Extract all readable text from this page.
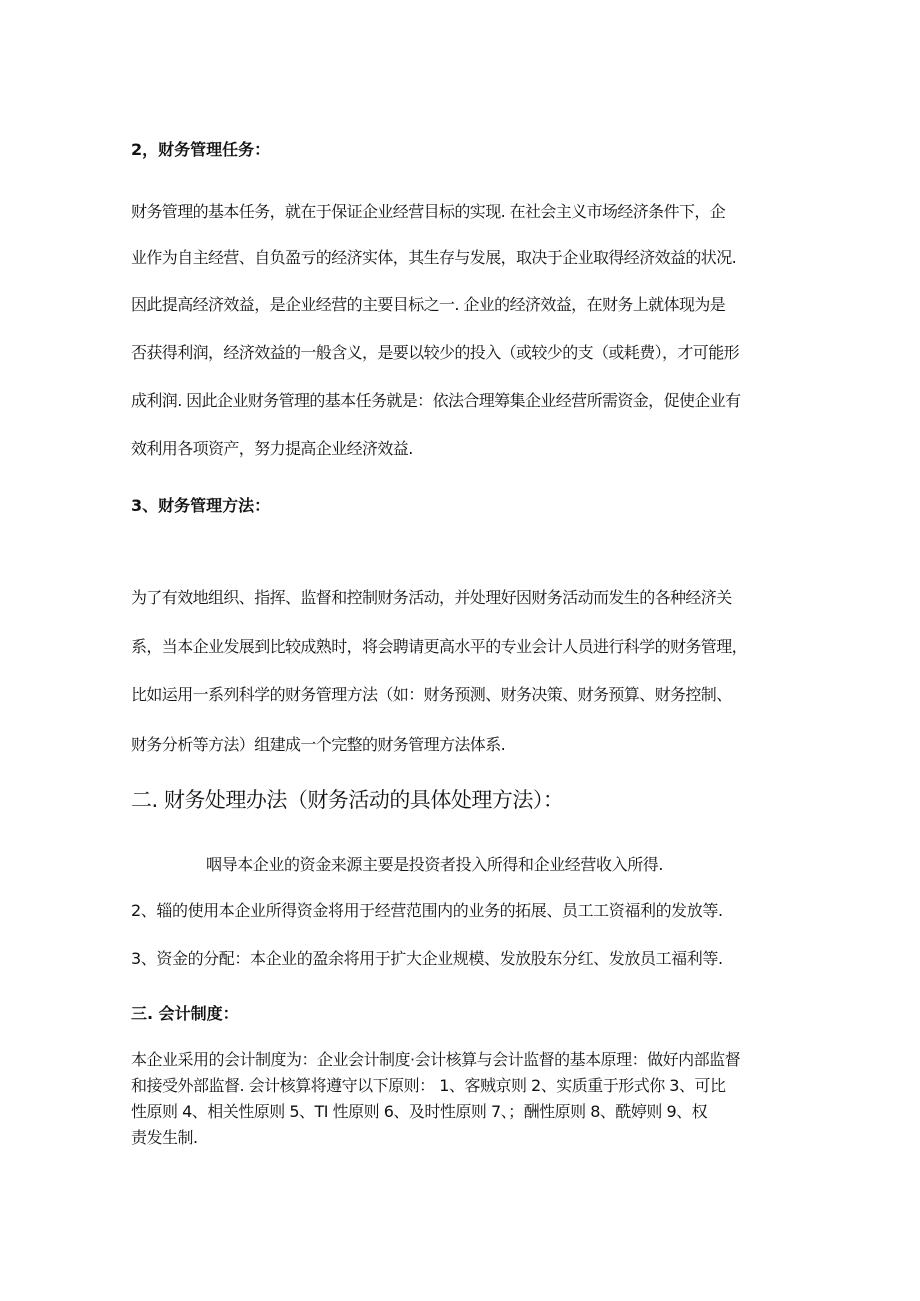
2，财务管理任务：
财务管理的基本任务，就在于保证企业经营目标的实现. 在社会主义市场经济条件下，企
业作为自主经营、自负盈亏的经济实体，其生存与发展，取决于企业取得经济效益的状况.
因此提高经济效益，是企业经营的主要目标之一. 企业的经济效益，在财务上就体现为是
否获得利润，经济效益的一般含义，是要以较少的投入（或较少的支（或耗费），才可能形
成利润. 因此企业财务管理的基本任务就是：依法合理筹集企业经营所需资金，促使企业有
效利用各项资产，努力提高企业经济效益.
3、财务管理方法：
为了有效地组织、指挥、监督和控制财务活动，并处理好因财务活动而发生的各种经济关
系，当本企业发展到比较成熟时，将会聘请更高水平的专业会计人员进行科学的财务管理，
比如运用一系列科学的财务管理方法（如：财务预测、财务决策、财务预算、财务控制、
财务分析等方法）组建成一个完整的财务管理方法体系.
二. 财务处理办法（财务活动的具体处理方法）：
咽导本企业的资金来源主要是投资者投入所得和企业经营收入所得.
2、辎的使用本企业所得资金将用于经营范围内的业务的拓展、员工工资福利的发放等.
3、资金的分配：本企业的盈余将用于扩大企业规模、发放股东分红、发放员工福利等.
三. 会计制度：
本企业采用的会计制度为：企业会计制度·会计核算与会计监督的基本原理：做好内部监督
和接受外部监督. 会计核算将遵守以下原则： 1、客贼京则 2、实质重于形式你 3、可比
性原则 4、相关性原则 5、TI 性原则 6、及时性原则 7、；酬性原则 8、酰婷则 9、权
责发生制.
